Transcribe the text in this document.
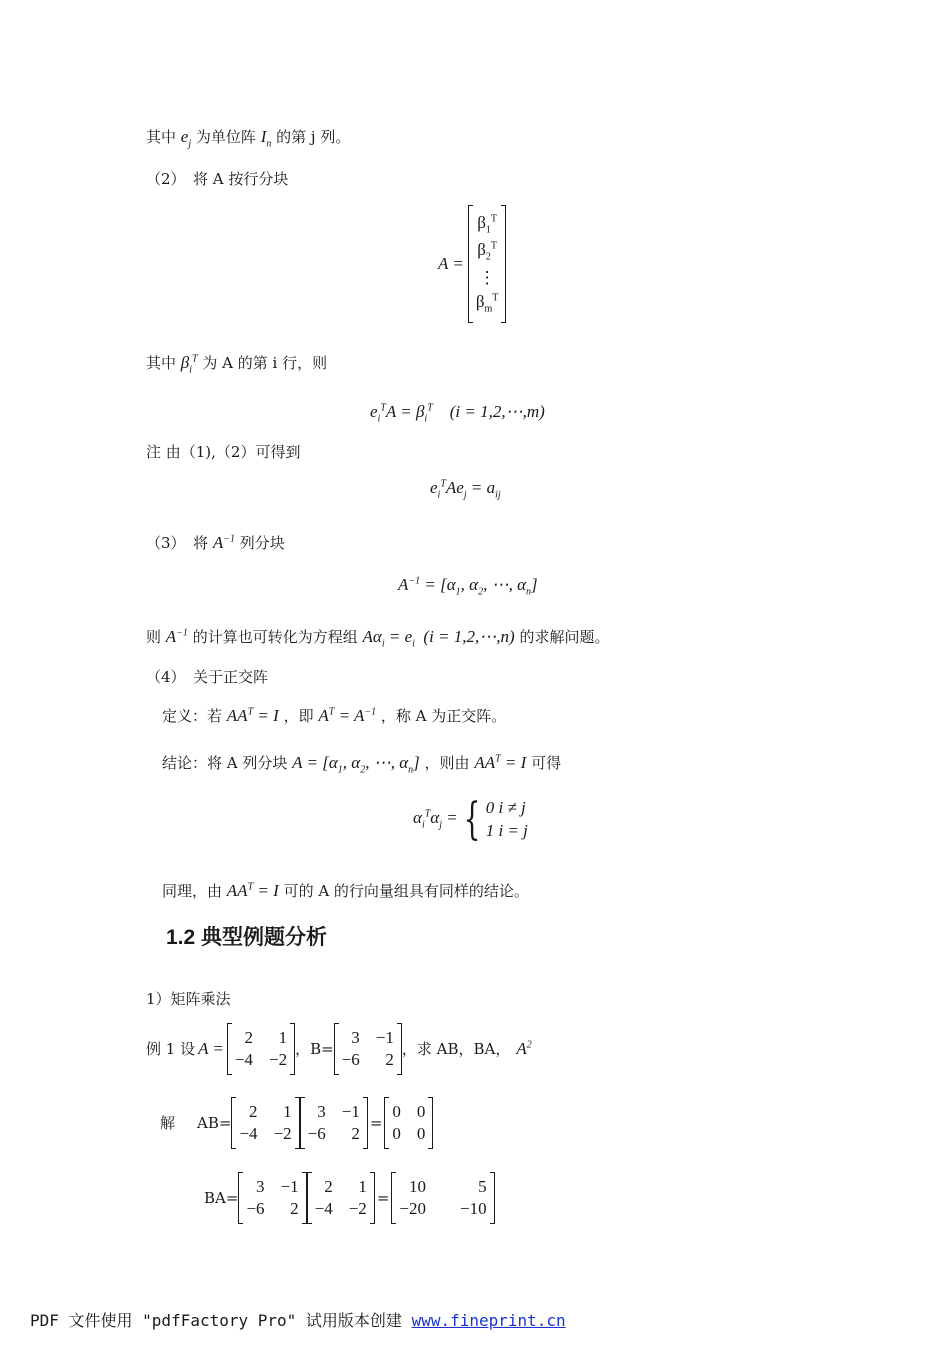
其中 $e_j$ 为单位阵 $I_n$ 的第 j 列。
（2）　将 A 按行分块
A =
$\beta_1^T$
$\beta_2^T$
⋮
$\beta_m^T$
其中 $\beta_i^T$ 为 A 的第 i 行，则
$e_i^TA = \beta_i^T$    (i = 1,2,⋯,m)
注 由（1),（2）可得到
$e_i^TAe_j = a_{ij}$
（3）　将 $A^{-1}$ 列分块
$A^{-1} = [\alpha_1$, $\alpha_2$, ⋯, $\alpha_n$]
则 $A^{-1}$ 的计算也可转化为方程组 $A\alpha_i = e_i$  (i = 1,2,⋯,n) 的求解问题。
（4）　关于正交阵
定义：若 $AA^T = I$ ，即 $A^T = A^{-1}$ ，称 A 为正交阵。
结论：将 A 列分块 $A = [\alpha_1$, $\alpha_2$, ⋯, $\alpha_n$] ，则由 $AA^T = I$ 可得
$\alpha_i^T\alpha_j$ = { 0 i ≠ j
1 i = j
同理，由 $AA^T = I$ 可的 A 的行向量组具有同样的结论。
1.2 典型例题分析
1）矩阵乘法
例 1 设 A =
2	1
−4 −2
，B=
3 −1
−6	2
，求 AB，BA， $A^2$
解 AB=
2	1
−4 −2
3 −1
−6	2
=
0 0
0 0
BA=
3 −1
−6	2
2	1
−4 −2
=
10	5
−20 −10
PDF 文件使用 "pdfFactory Pro" 试用版本创建 www.fineprint.cn
